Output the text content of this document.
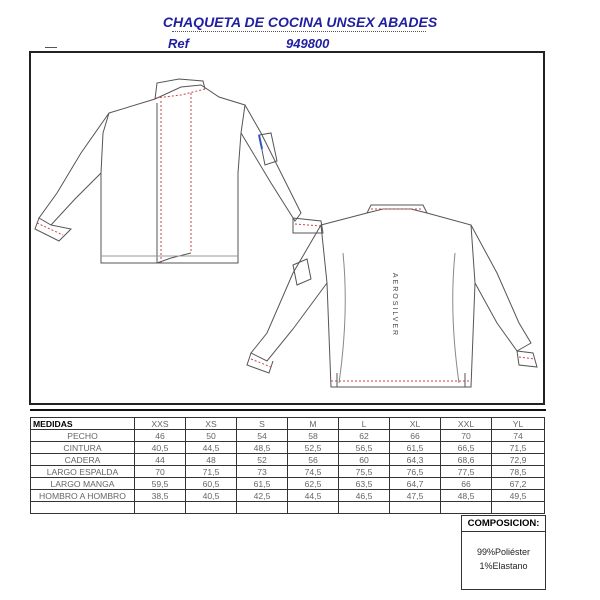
CHAQUETA DE COCINA UNSEX ABADES
Ref	949800
AEROSILVER
MEDIDAS	XXS	XS	S	M	L	XL	XXL	YL
PECHO	46	50	54	58	62	66	70	74
CINTURA	40,5	44,5	48,5	52,5	56,5	61,5	66,5	71,5
CADERA	44	48	52	56	60	64,3	68,6	72,9
LARGO ESPALDA	70	71,5	73	74,5	75,5	76,5	77,5	78,5
LARGO MANGA	59,5	60,5	61,5	62,5	63,5	64,7	66	67,2
HOMBRO A HOMBRO	38,5	40,5	42,5	44,5	46,5	47,5	48,5	49,5

COMPOSICION:
99%Poliéster
1%Elastano
